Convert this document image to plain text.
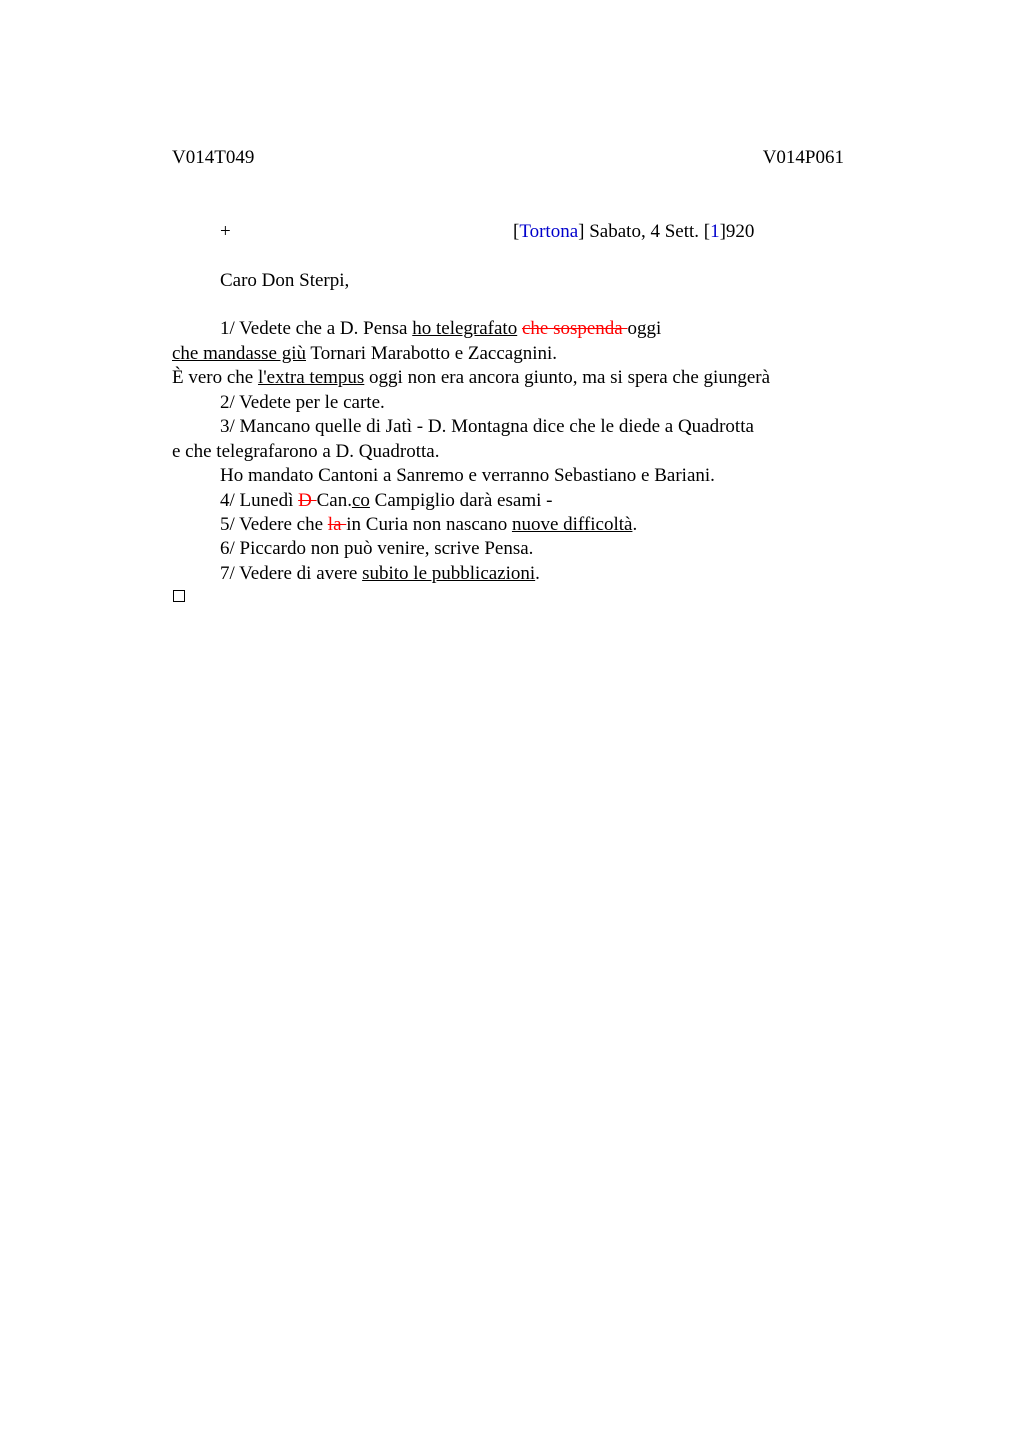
V014T049	V014P061
+	[Tortona] Sabato, 4 Sett. [1]920
Caro Don Sterpi,
1/ Vedete che a D. Pensa ho telegrafato che sospenda oggi
che mandasse giù Tornari Marabotto e Zaccagnini.
È vero che l'extra tempus oggi non era ancora giunto, ma si spera che giungerà
2/ Vedete per le carte.
3/ Mancano quelle di Jatì - D. Montagna dice che le diede a Quadrotta
e che telegrafarono a D. Quadrotta.
Ho mandato Cantoni a Sanremo e verranno Sebastiano e Bariani.
4/ Lunedì D Can.co Campiglio darà esami -
5/ Vedere che la in Curia non nascano nuove difficoltà.
6/ Piccardo non può venire, scrive Pensa.
7/ Vedere di avere subito le pubblicazioni.
